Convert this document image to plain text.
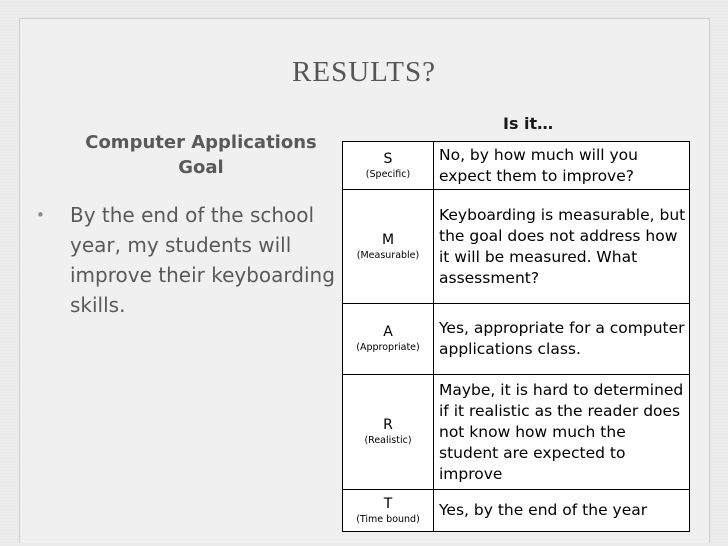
RESULTS?
Computer Applications
Goal
• By the end of the school year, my students will improve their keyboarding skills.
Is it…
S
(Specific)	No, by how much will you expect them to improve?

M
(Measurable)	Keyboarding is measurable, but the goal does not address how it will be measured. What assessment?

A
(Appropriate)	Yes, appropriate for a computer applications class.

R
(Realistic)	Maybe, it is hard to determined if it realistic as the reader does not know how much the student are expected to improve

T
(Time bound)	Yes, by the end of the year
